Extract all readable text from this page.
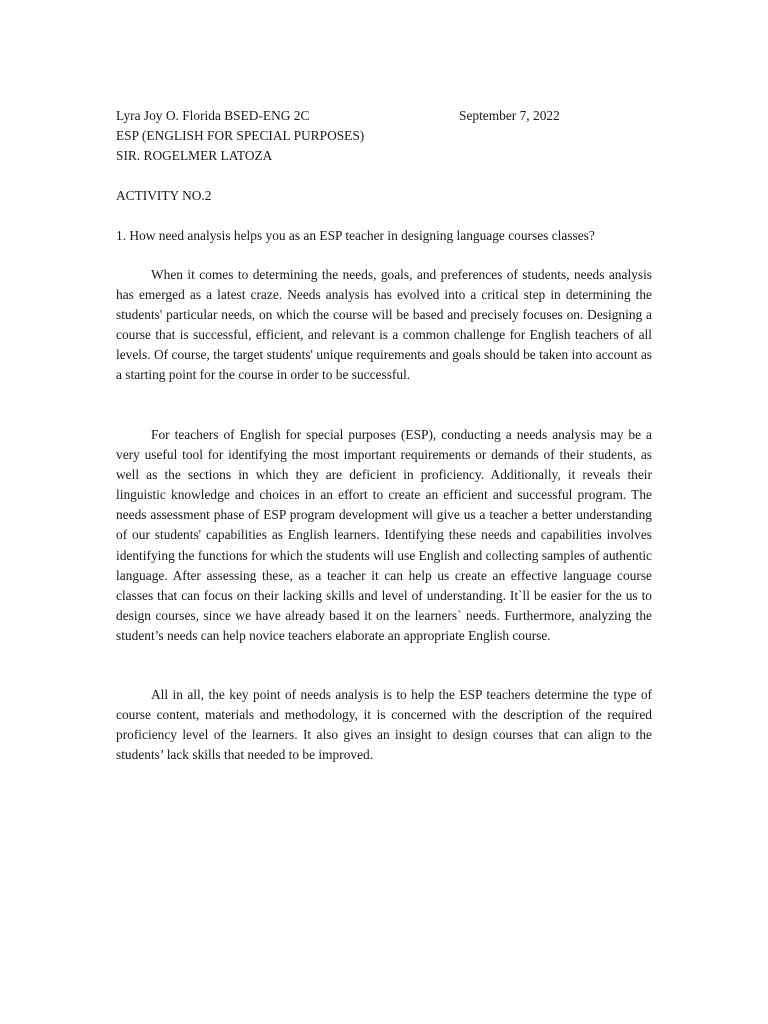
Lyra Joy O. Florida BSED-ENG 2C	September 7, 2022
ESP (ENGLISH FOR SPECIAL PURPOSES)
SIR. ROGELMER LATOZA
ACTIVITY NO.2
1. How need analysis helps you as an ESP teacher in designing language courses classes?

When it comes to determining the needs, goals, and preferences of students, needs analysis has emerged as a latest craze. Needs analysis has evolved into a critical step in determining the students' particular needs, on which the course will be based and precisely focuses on. Designing a course that is successful, efficient, and relevant is a common challenge for English teachers of all levels. Of course, the target students' unique requirements and goals should be taken into account as a starting point for the course in order to be successful.

For teachers of English for special purposes (ESP), conducting a needs analysis may be a very useful tool for identifying the most important requirements or demands of their students, as well as the sections in which they are deficient in proficiency. Additionally, it reveals their linguistic knowledge and choices in an effort to create an efficient and successful program. The needs assessment phase of ESP program development will give us a teacher a better understanding of our students' capabilities as English learners. Identifying these needs and capabilities involves identifying the functions for which the students will use English and collecting samples of authentic language. After assessing these, as a teacher it can help us create an effective language course classes that can focus on their lacking skills and level of understanding. It`ll be easier for the us to design courses, since we have already based it on the learners` needs. Furthermore, analyzing the student’s needs can help novice teachers elaborate an appropriate English course.

All in all, the key point of needs analysis is to help the ESP teachers determine the type of course content, materials and methodology, it is concerned with the description of the required proficiency level of the learners. It also gives an insight to design courses that can align to the students’ lack skills that needed to be improved.
